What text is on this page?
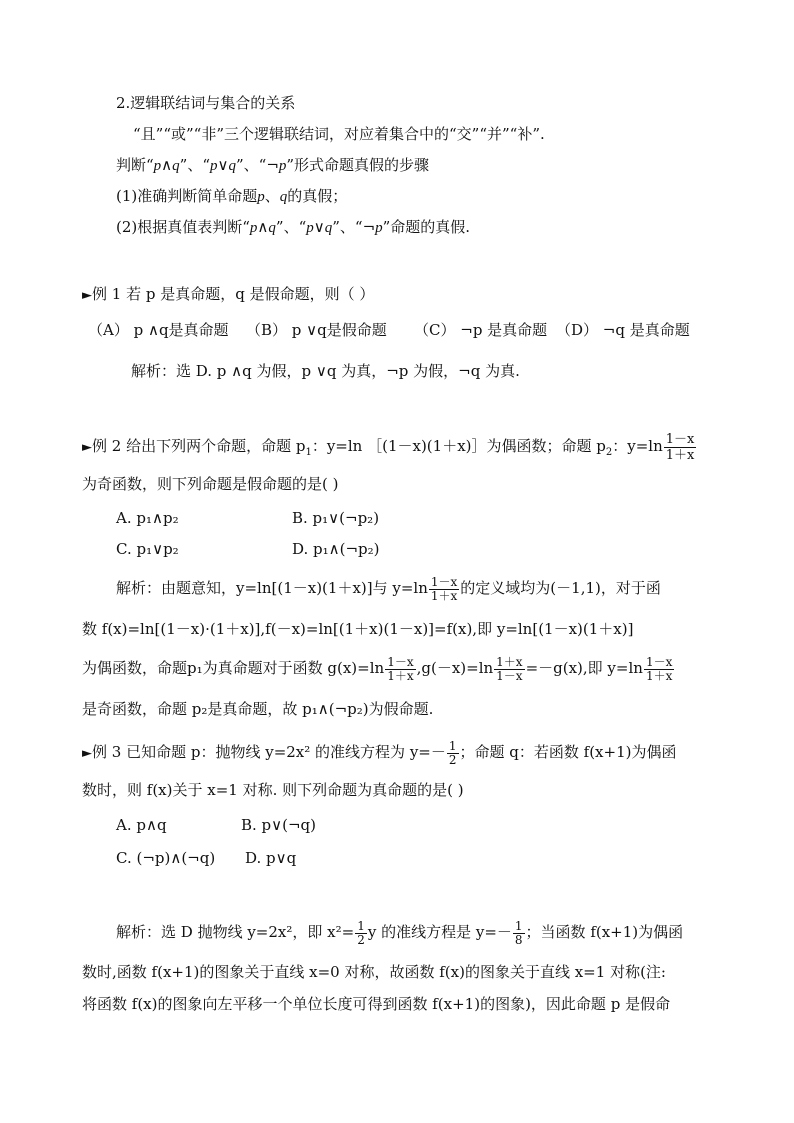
2.逻辑联结词与集合的关系
“且”“或”“非”三个逻辑联结词，对应着集合中的“交”“并”“补”.
判断“p∧q”、“p∨q”、“¬p”形式命题真假的步骤
(1)准确判断简单命题p、q的真假；
(2)根据真值表判断“p∧q”、“p∨q”、“¬p”命题的真假.
►例 1 若 p 是真命题，q 是假命题，则（ ）
（A） p ∧q是真命题 （B） p ∨q是假命题 （C） ¬p 是真命题 （D） ¬q 是真命题
解析：选 D. p ∧q 为假，p ∨q 为真，¬p 为假，¬q 为真.
►例 2 给出下列两个命题，命题 $p_1$：y=ln ［(1－x)(1＋x)］为偶函数；命题 $p_2$：$y=\ln \frac{1-x}{1+x}$
为奇函数，则下列命题是假命题的是( )
A. p₁∧p₂	B. p₁∨(¬p₂)
C. p₁∨p₂	D. p₁∧(¬p₂)
解析：由题意知，y=ln[(1－x)(1＋x)]与 $y=\ln \frac{1-x}{1+x}$ 的定义域均为(－1,1)，对于函
数 f(x)=ln[(1－x)·(1＋x)],f(－x)=ln[(1＋x)(1－x)]=f(x),即 y=ln[(1－x)(1＋x)]
为偶函数，命题p₁为真命题对于函数 $g(x)=\ln \frac{1-x}{1+x} ,g(-x)=\ln \frac{1+x}{1-x} =-g(x)$,即 $y=\ln \frac{1-x}{1+x}$
是奇函数，命题 p₂是真命题，故 p₁∧(¬p₂)为假命题.
►例 3 已知命题 p：抛物线 y=2x² 的准线方程为 $y=- \frac{1}{2}$ ；命题 q：若函数 f(x+1)为偶函
数时，则 f(x)关于 x=1 对称. 则下列命题为真命题的是( )
A. p∧q	B. p∨(¬q)
C. (¬p)∧(¬q) D. p∨q
解析：选 D 抛物线 y=2x²，即 $x^2= \frac{1}{2}$ y 的准线方程是 $y=- \frac{1}{8}$ ；当函数 f(x+1)为偶函
数时,函数 f(x+1)的图象关于直线 x=0 对称，故函数 f(x)的图象关于直线 x=1 对称(注:
将函数 f(x)的图象向左平移一个单位长度可得到函数 f(x+1)的图象)，因此命题 p 是假命
